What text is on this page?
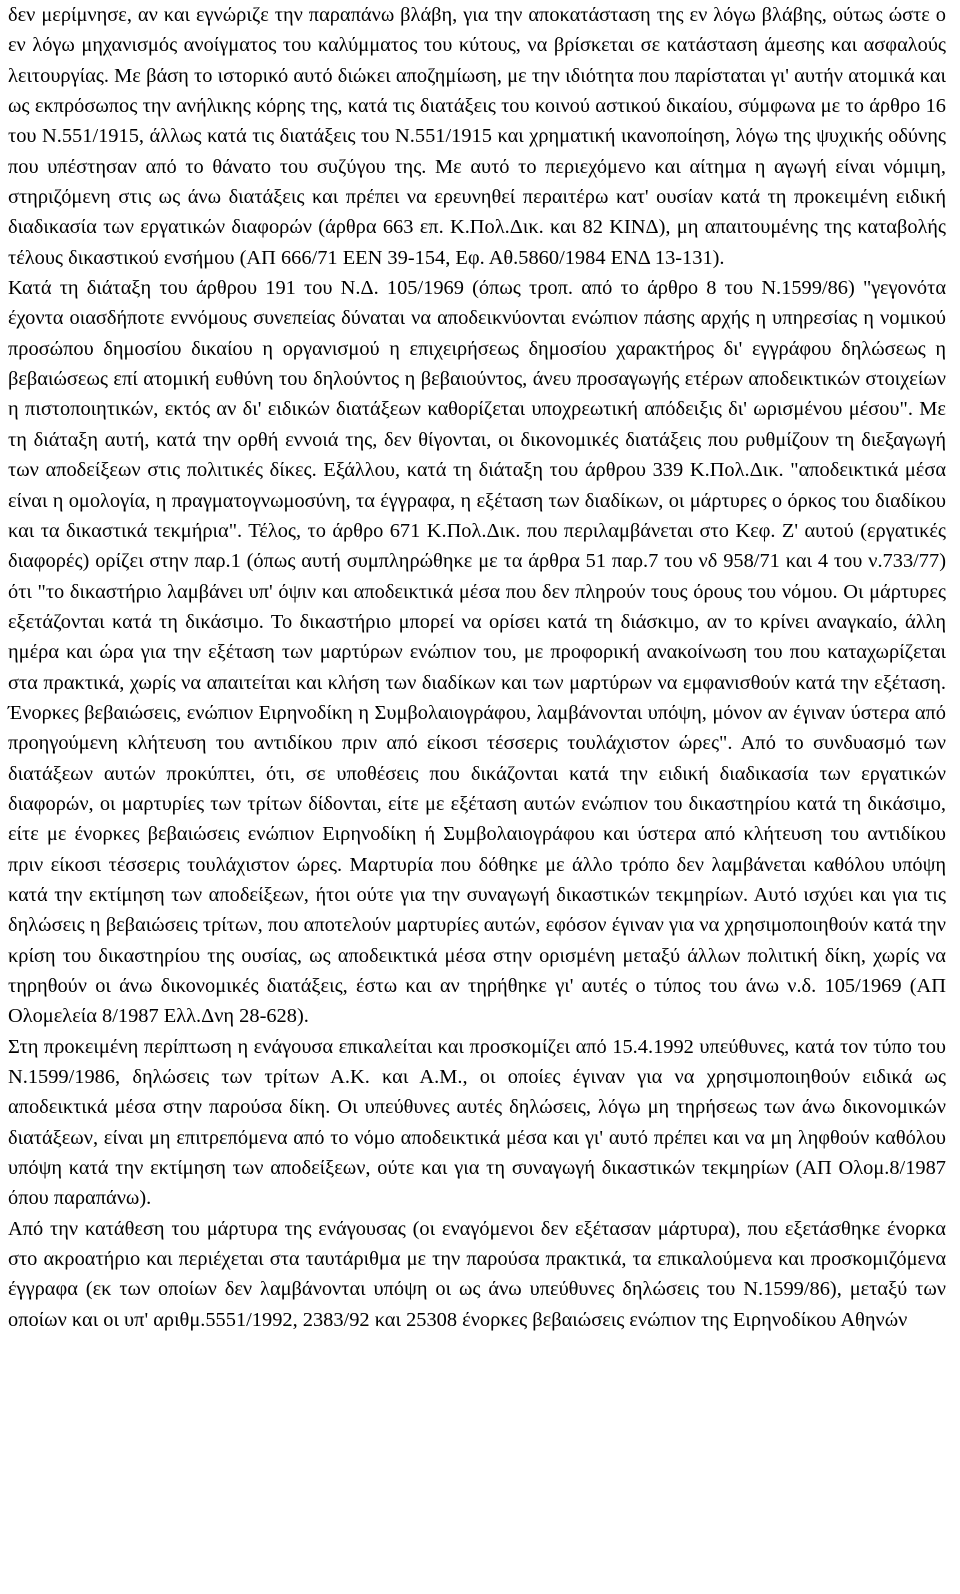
δεν μερίμνησε, αν και εγνώριζε την παραπάνω βλάβη, για την αποκατάσταση της εν λόγω βλάβης, ούτως ώστε ο εν λόγω μηχανισμός ανοίγματος του καλύμματος του κύτους, να βρίσκεται σε κατάσταση άμεσης και ασφαλούς λειτουργίας. Με βάση το ιστορικό αυτό διώκει αποζημίωση, με την ιδιότητα που παρίσταται γι' αυτήν ατομικά και ως εκπρόσωπος την ανήλικης κόρης της, κατά τις διατάξεις του κοινού αστικού δικαίου, σύμφωνα με το άρθρο 16 του Ν.551/1915, άλλως κατά τις διατάξεις του Ν.551/1915 και χρηματική ικανοποίηση, λόγω της ψυχικής οδύνης που υπέστησαν από το θάνατο του συζύγου της. Με αυτό το περιεχόμενο και αίτημα η αγωγή είναι νόμιμη, στηριζόμενη στις ως άνω διατάξεις και πρέπει να ερευνηθεί περαιτέρω κατ' ουσίαν κατά τη προκειμένη ειδική διαδικασία των εργατικών διαφορών (άρθρα 663 επ. Κ.Πολ.Δικ. και 82 ΚΙΝΔ), μη απαιτουμένης της καταβολής τέλους δικαστικού ενσήμου (ΑΠ 666/71 ΕΕΝ 39-154, Εφ. Αθ.5860/1984 ΕΝΔ 13-131).

Κατά τη διάταξη του άρθρου 191 του Ν.Δ. 105/1969 (όπως τροπ. από το άρθρο 8 του Ν.1599/86) "γεγονότα έχοντα οιασδήποτε εννόμους συνεπείας δύναται να αποδεικνύονται ενώπιον πάσης αρχής η υπηρεσίας η νομικού προσώπου δημοσίου δικαίου η οργανισμού η επιχειρήσεως δημοσίου χαρακτήρος δι' εγγράφου δηλώσεως η βεβαιώσεως επί ατομική ευθύνη του δηλούντος η βεβαιούντος, άνευ προσαγωγής ετέρων αποδεικτικών στοιχείων η πιστοποιητικών, εκτός αν δι' ειδικών διατάξεων καθορίζεται υποχρεωτική απόδειξις δι' ωρισμένου μέσου". Με τη διάταξη αυτή, κατά την ορθή εννοιά της, δεν θίγονται, οι δικονομικές διατάξεις που ρυθμίζουν τη διεξαγωγή των αποδείξεων στις πολιτικές δίκες. Εξάλλου, κατά τη διάταξη του άρθρου 339 Κ.Πολ.Δικ. "αποδεικτικά μέσα είναι η ομολογία, η πραγματογνωμοσύνη, τα έγγραφα, η εξέταση των διαδίκων, οι μάρτυρες ο όρκος του διαδίκου και τα δικαστικά τεκμήρια". Τέλος, το άρθρο 671 Κ.Πολ.Δικ. που περιλαμβάνεται στο Κεφ. Ζ' αυτού (εργατικές διαφορές) ορίζει στην παρ.1 (όπως αυτή συμπληρώθηκε με τα άρθρα 51 παρ.7 του νδ 958/71 και 4 του ν.733/77) ότι "το δικαστήριο λαμβάνει υπ' όψιν και αποδεικτικά μέσα που δεν πληρούν τους όρους του νόμου. Οι μάρτυρες εξετάζονται κατά τη δικάσιμο. Το δικαστήριο μπορεί να ορίσει κατά τη διάσκιμο, αν το κρίνει αναγκαίο, άλλη ημέρα και ώρα για την εξέταση των μαρτύρων ενώπιον του, με προφορική ανακοίνωση του που καταχωρίζεται στα πρακτικά, χωρίς να απαιτείται και κλήση των διαδίκων και των μαρτύρων να εμφανισθούν κατά την εξέταση. Ένορκες βεβαιώσεις, ενώπιον Ειρηνοδίκη η Συμβολαιογράφου, λαμβάνονται υπόψη, μόνον αν έγιναν ύστερα από προηγούμενη κλήτευση του αντιδίκου πριν από είκοσι τέσσερις τουλάχιστον ώρες". Από το συνδυασμό των διατάξεων αυτών προκύπτει, ότι, σε υποθέσεις που δικάζονται κατά την ειδική διαδικασία των εργατικών διαφορών, οι μαρτυρίες των τρίτων δίδονται, είτε με εξέταση αυτών ενώπιον του δικαστηρίου κατά τη δικάσιμο, είτε με ένορκες βεβαιώσεις ενώπιον Ειρηνοδίκη ή Συμβολαιογράφου και ύστερα από κλήτευση του αντιδίκου πριν είκοσι τέσσερις τουλάχιστον ώρες. Μαρτυρία που δόθηκε με άλλο τρόπο δεν λαμβάνεται καθόλου υπόψη κατά την εκτίμηση των αποδείξεων, ήτοι ούτε για την συναγωγή δικαστικών τεκμηρίων. Αυτό ισχύει και για τις δηλώσεις η βεβαιώσεις τρίτων, που αποτελούν μαρτυρίες αυτών, εφόσον έγιναν για να χρησιμοποιηθούν κατά την κρίση του δικαστηρίου της ουσίας, ως αποδεικτικά μέσα στην ορισμένη μεταξύ άλλων πολιτική δίκη, χωρίς να τηρηθούν οι άνω δικονομικές διατάξεις, έστω και αν τηρήθηκε γι' αυτές ο τύπος του άνω ν.δ. 105/1969 (ΑΠ Ολομελεία 8/1987 Ελλ.Δνη 28-628).

Στη προκειμένη περίπτωση η ενάγουσα επικαλείται και προσκομίζει από 15.4.1992 υπεύθυνες, κατά τον τύπο του Ν.1599/1986, δηλώσεις των τρίτων Α.Κ. και Α.Μ., οι οποίες έγιναν για να χρησιμοποιηθούν ειδικά ως αποδεικτικά μέσα στην παρούσα δίκη. Οι υπεύθυνες αυτές δηλώσεις, λόγω μη τηρήσεως των άνω δικονομικών διατάξεων, είναι μη επιτρεπόμενα από το νόμο αποδεικτικά μέσα και γι' αυτό πρέπει και να μη ληφθούν καθόλου υπόψη κατά την εκτίμηση των αποδείξεων, ούτε και για τη συναγωγή δικαστικών τεκμηρίων (ΑΠ Ολομ.8/1987 όπου παραπάνω).

Από την κατάθεση του μάρτυρα της ενάγουσας (οι εναγόμενοι δεν εξέτασαν μάρτυρα), που εξετάσθηκε ένορκα στο ακροατήριο και περιέχεται στα ταυτάριθμα με την παρούσα πρακτικά, τα επικαλούμενα και προσκομιζόμενα έγγραφα (εκ των οποίων δεν λαμβάνονται υπόψη οι ως άνω υπεύθυνες δηλώσεις του Ν.1599/86), μεταξύ των οποίων και οι υπ' αριθμ.5551/1992, 2383/92 και 25308 ένορκες βεβαιώσεις ενώπιον της Ειρηνοδίκου Αθηνών
